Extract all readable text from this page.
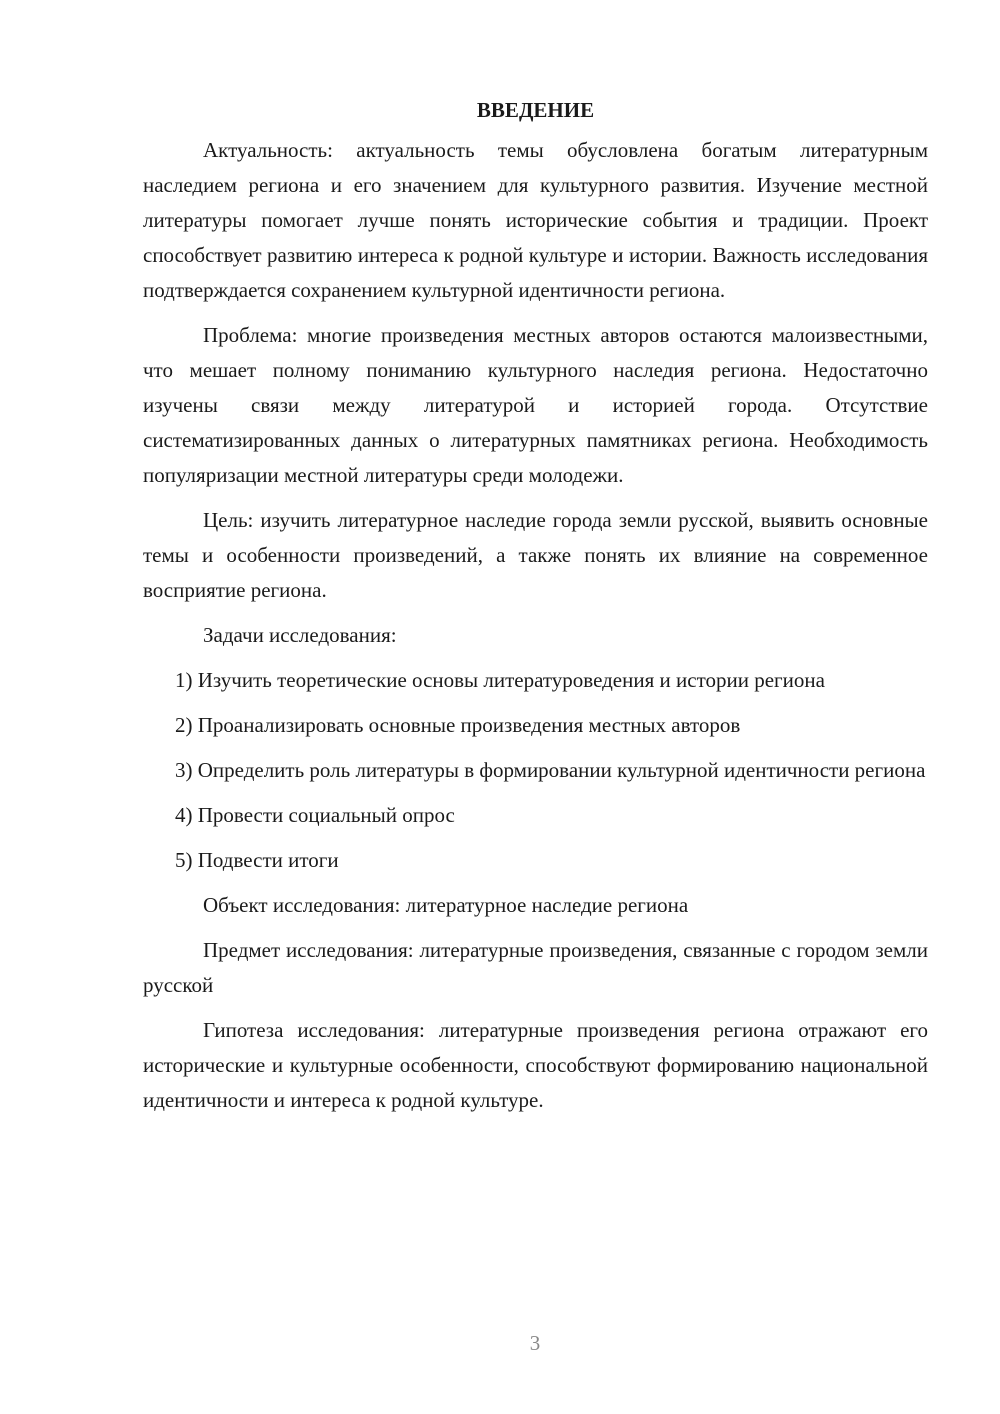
ВВЕДЕНИЕ

Актуальность: актуальность темы обусловлена богатым литературным наследием региона и его значением для культурного развития. Изучение местной литературы помогает лучше понять исторические события и традиции. Проект способствует развитию интереса к родной культуре и истории. Важность исследования подтверждается сохранением культурной идентичности региона.

Проблема: многие произведения местных авторов остаются малоизвестными, что мешает полному пониманию культурного наследия региона. Недостаточно изучены связи между литературой и историей города. Отсутствие систематизированных данных о литературных памятниках региона. Необходимость популяризации местной литературы среди молодежи.

Цель: изучить литературное наследие города земли русской, выявить основные темы и особенности произведений, а также понять их влияние на современное восприятие региона.

Задачи исследования:

1) Изучить теоретические основы литературоведения и истории региона

2) Проанализировать основные произведения местных авторов

3) Определить роль литературы в формировании культурной идентичности региона

4) Провести социальный опрос

5) Подвести итоги

Объект исследования: литературное наследие региона

Предмет исследования: литературные произведения, связанные с городом земли русской

Гипотеза исследования: литературные произведения региона отражают его исторические и культурные особенности, способствуют формированию национальной идентичности и интереса к родной культуре.

3
